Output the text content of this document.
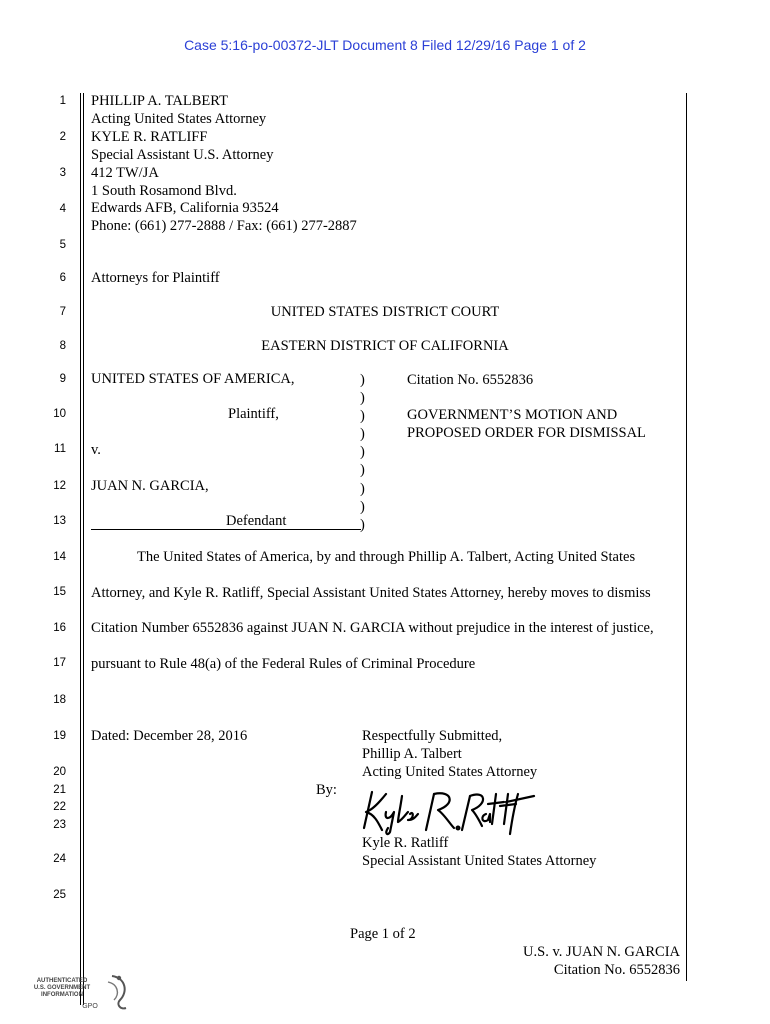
Case 5:16-po-00372-JLT Document 8 Filed 12/29/16 Page 1 of 2
1
2
3
4
5
6
7
8
9
10
11
12
13
14
15
16
17
18
19
20
21
22
23
24
25
PHILLIP A. TALBERT
Acting United States Attorney
KYLE R. RATLIFF
Special Assistant U.S. Attorney
412 TW/JA
1 South Rosamond Blvd.
Edwards AFB, California 93524
Phone: (661) 277-2888 / Fax: (661) 277-2887
Attorneys for Plaintiff
UNITED STATES DISTRICT COURT
EASTERN DISTRICT OF CALIFORNIA
UNITED STATES OF AMERICA,
Plaintiff,
v.
JUAN N. GARCIA,
Defendant
)
)
)
)
)
)
)
)
)
Citation No. 6552836
GOVERNMENT’S MOTION AND
PROPOSED ORDER FOR DISMISSAL
The United States of America, by and through Phillip A. Talbert, Acting United States
Attorney, and Kyle R. Ratliff, Special Assistant United States Attorney, hereby moves to dismiss
Citation Number 6552836 against JUAN N. GARCIA without prejudice in the interest of justice,
pursuant to Rule 48(a) of the Federal Rules of Criminal Procedure
Dated: December 28, 2016	Respectfully Submitted,
Phillip A. Talbert
Acting United States Attorney
By:
Kyle R. Ratliff
Special Assistant United States Attorney
Page 1 of 2
U.S. v. JUAN N. GARCIA
Citation No. 6552836
AUTHENTICATED
U.S. GOVERNMENT
INFORMATION
GPO
